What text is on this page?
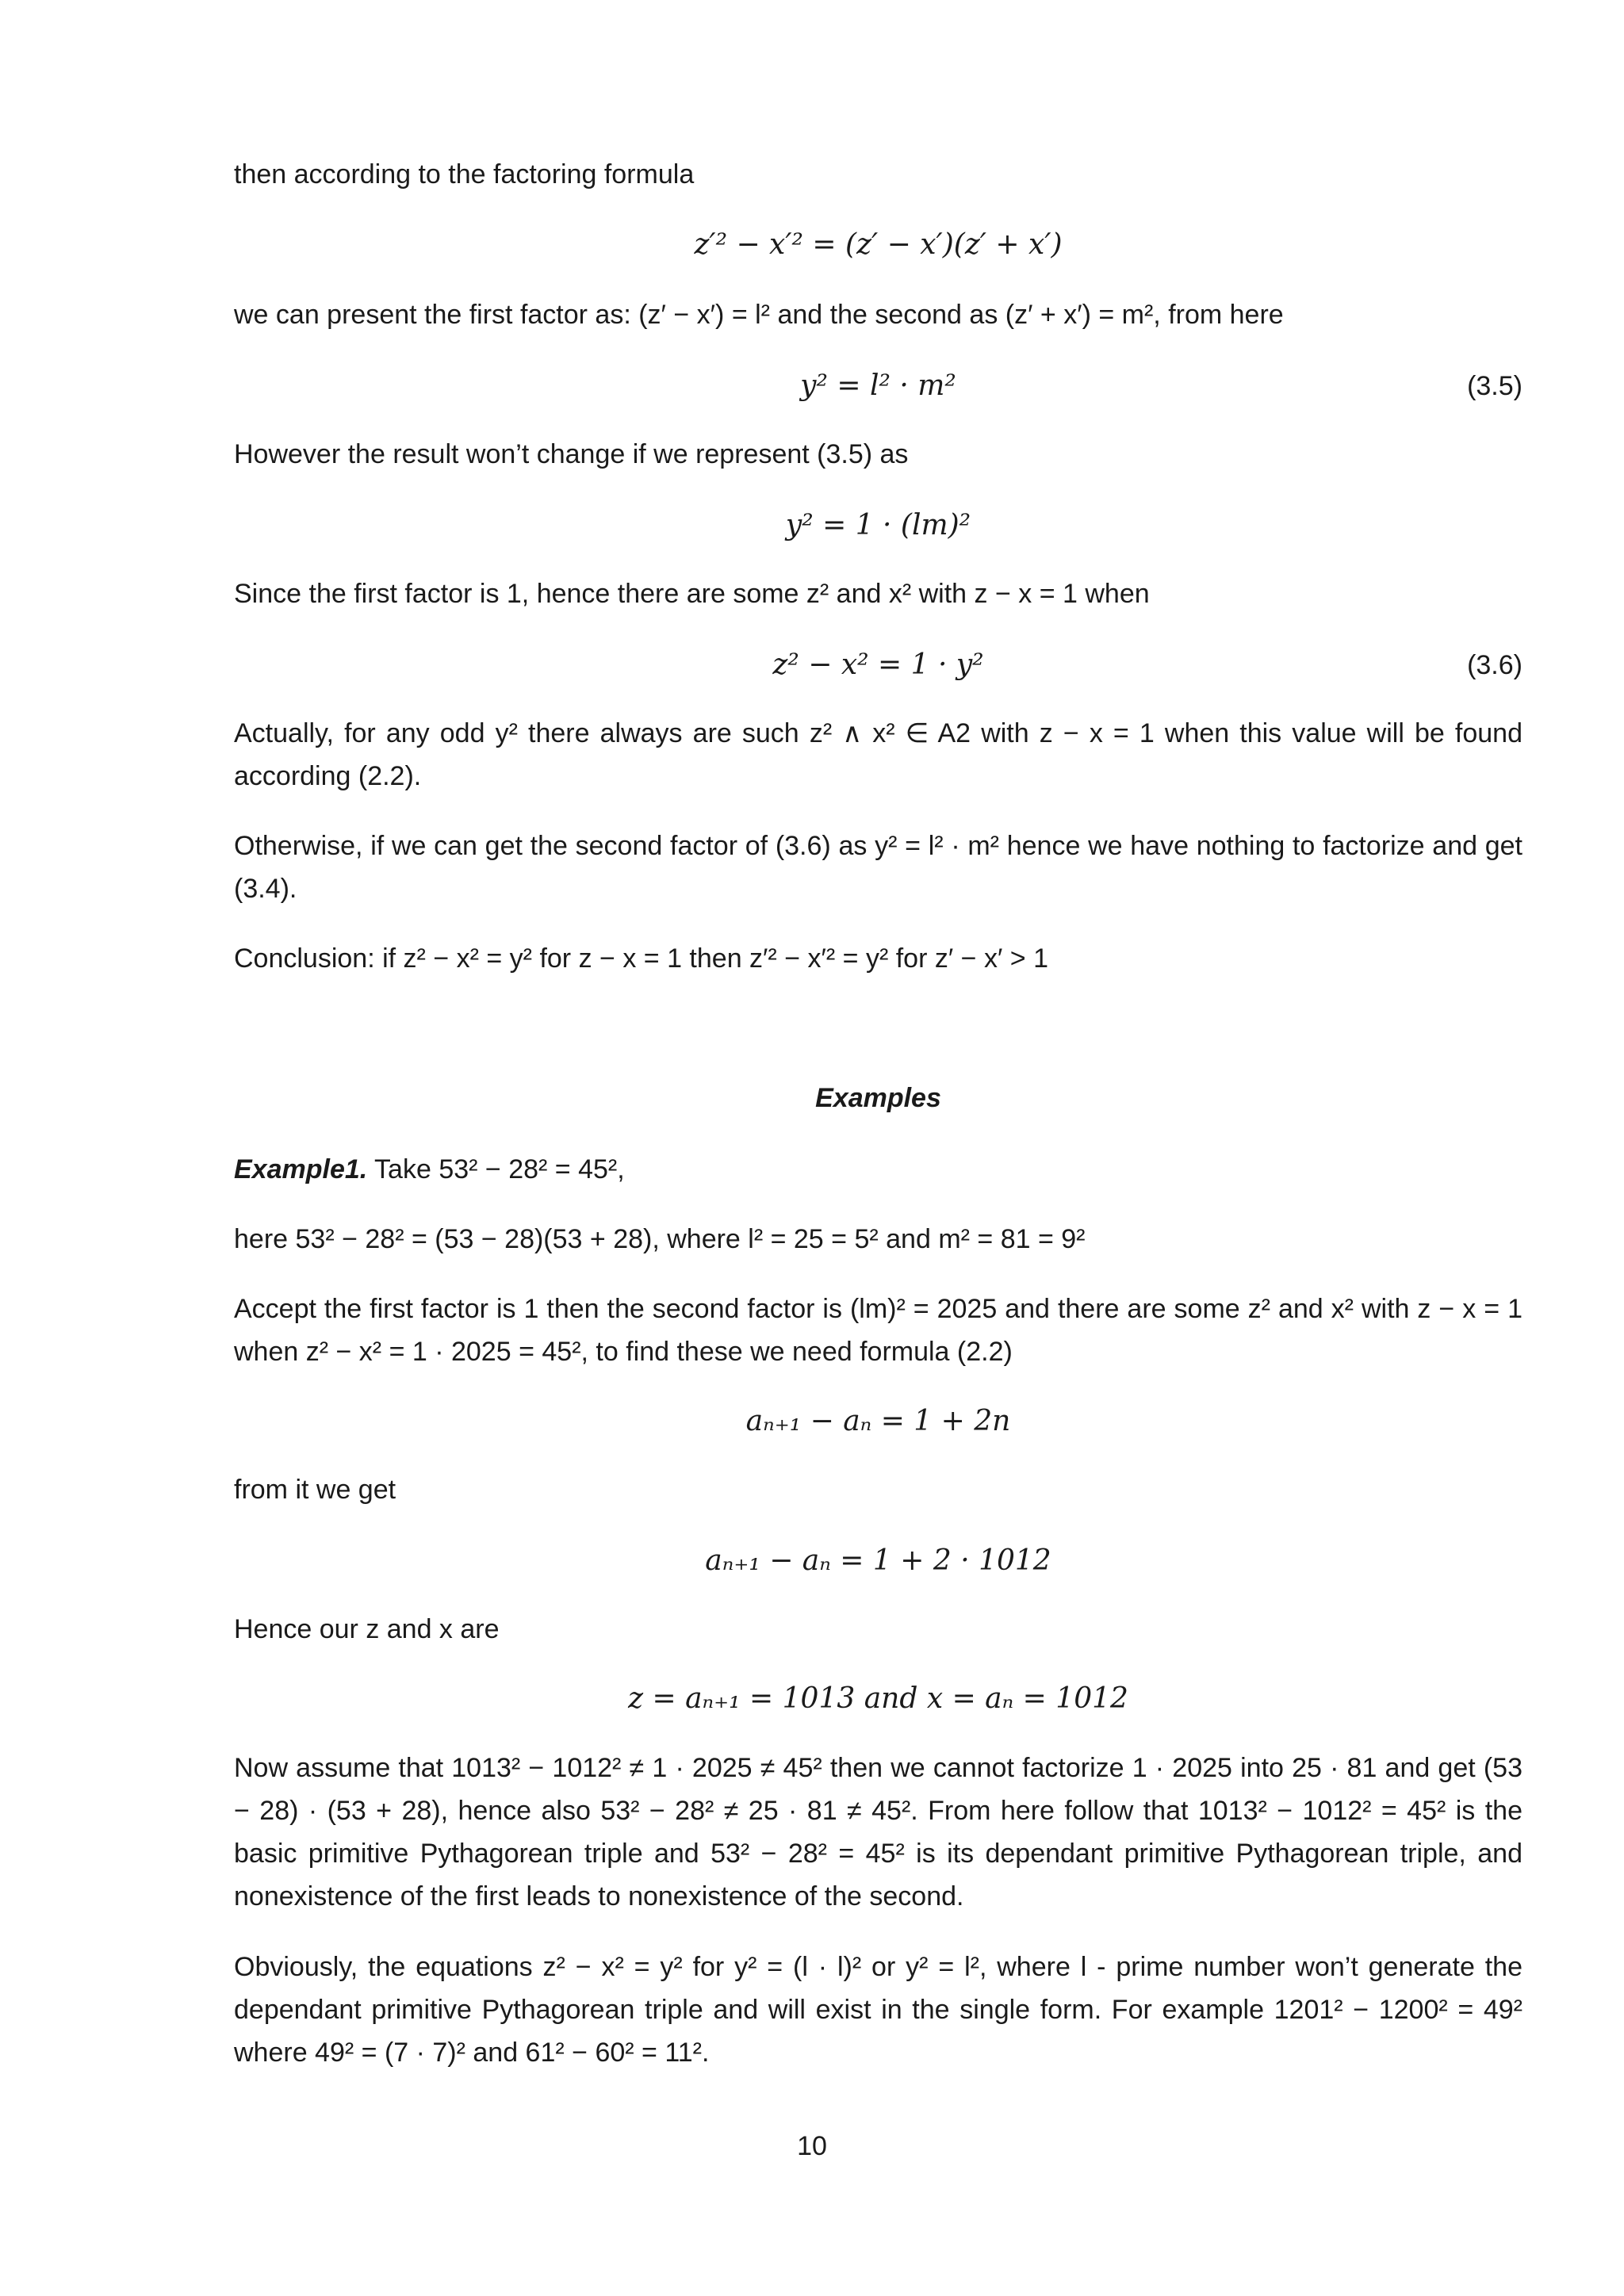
then according to the factoring formula
z′² − x′² = (z′ − x′)(z′ + x′)
we can present the first factor as: (z′ − x′) = l² and the second as (z′ + x′) = m², from here
y² = l² · m²	(3.5)
However the result won’t change if we represent (3.5) as
y² = 1 · (lm)²
Since the first factor is 1, hence there are some z² and x² with z − x = 1 when
z² − x² = 1 · y²	(3.6)
Actually, for any odd y² there always are such z² ∧ x² ∈ A2 with z − x = 1 when this value will be found according (2.2).
Otherwise, if we can get the second factor of (3.6) as y² = l² · m² hence we have nothing to factorize and get (3.4).
Conclusion: if z² − x² = y² for z − x = 1 then z′² − x′² = y² for z′ − x′ > 1
Examples
Example1. Take 53² − 28² = 45²,
here 53² − 28² = (53 − 28)(53 + 28), where l² = 25 = 5² and m² = 81 = 9²
Accept the first factor is 1 then the second factor is (lm)² = 2025 and there are some z² and x² with z − x = 1 when z² − x² = 1 · 2025 = 45², to find these we need formula (2.2)
aₙ₊₁ − aₙ = 1 + 2n
from it we get
aₙ₊₁ − aₙ = 1 + 2 · 1012
Hence our z and x are
z = aₙ₊₁ = 1013 and x = aₙ = 1012
Now assume that 1013² − 1012² ≠ 1 · 2025 ≠ 45² then we cannot factorize 1 · 2025 into 25 · 81 and get (53 − 28) · (53 + 28), hence also 53² − 28² ≠ 25 · 81 ≠ 45². From here follow that 1013² − 1012² = 45² is the basic primitive Pythagorean triple and 53² − 28² = 45² is its dependant primitive Pythagorean triple, and nonexistence of the first leads to nonexistence of the second.
Obviously, the equations z² − x² = y² for y² = (l · l)² or y² = l², where l - prime number won’t generate the dependant primitive Pythagorean triple and will exist in the single form. For example 1201² − 1200² = 49² where 49² = (7 · 7)² and 61² − 60² = 11².
10
